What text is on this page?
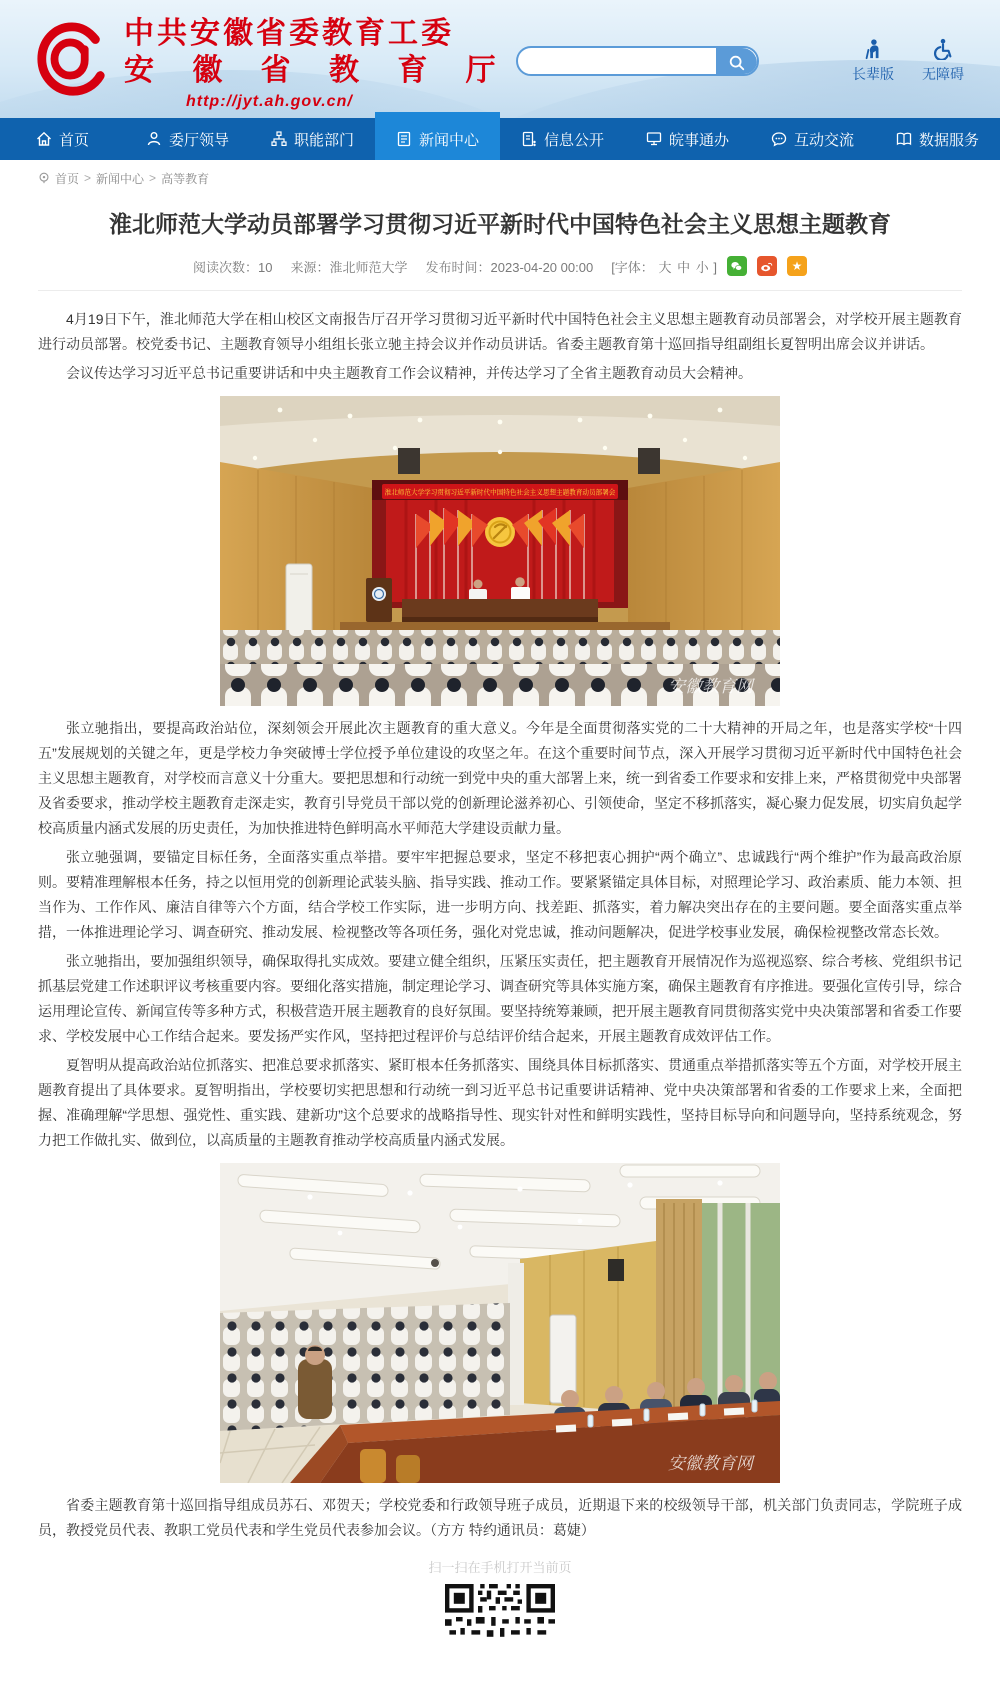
中共安徽省委教育工委
安 徽 省 教 育 厅
http://jyt.ah.gov.cn/
长辈版 无障碍
首页	委厅领导	职能部门	新闻中心	信息公开	皖事通办	互动交流	数据服务
首页 > 新闻中心 > 高等教育
淮北师范大学动员部署学习贯彻习近平新时代中国特色社会主义思想主题教育
阅读次数：10 来源：淮北师范大学 发布时间：2023-04-20 00:00 [字体： 大 中 小 ]	★

4月19日下午，淮北师范大学在相山校区文南报告厅召开学习贯彻习近平新时代中国特色社会主义思想主题教育动员部署会，对学校开展主题教育进行动员部署。校党委书记、主题教育领导小组组长张立驰主持会议并作动员讲话。省委主题教育第十巡回指导组副组长夏智明出席会议并讲话。

会议传达学习习近平总书记重要讲话和中央主题教育工作会议精神，并传达学习了全省主题教育动员大会精神。

淮北师范大学学习贯彻习近平新时代中国特色社会主义思想主题教育动员部署会
安徽教育网

张立驰指出，要提高政治站位，深刻领会开展此次主题教育的重大意义。今年是全面贯彻落实党的二十大精神的开局之年，也是落实学校“十四五”发展规划的关键之年，更是学校力争突破博士学位授予单位建设的攻坚之年。在这个重要时间节点，深入开展学习贯彻习近平新时代中国特色社会主义思想主题教育，对学校而言意义十分重大。要把思想和行动统一到党中央的重大部署上来，统一到省委工作要求和安排上来，严格贯彻党中央部署及省委要求，推动学校主题教育走深走实，教育引导党员干部以党的创新理论滋养初心、引领使命，坚定不移抓落实，凝心聚力促发展，切实肩负起学校高质量内涵式发展的历史责任，为加快推进特色鲜明高水平师范大学建设贡献力量。

张立驰强调，要锚定目标任务，全面落实重点举措。要牢牢把握总要求，坚定不移把衷心拥护“两个确立”、忠诚践行“两个维护”作为最高政治原则。要精准理解根本任务，持之以恒用党的创新理论武装头脑、指导实践、推动工作。要紧紧锚定具体目标，对照理论学习、政治素质、能力本领、担当作为、工作作风、廉洁自律等六个方面，结合学校工作实际，进一步明方向、找差距、抓落实，着力解决突出存在的主要问题。要全面落实重点举措，一体推进理论学习、调查研究、推动发展、检视整改等各项任务，强化对党忠诚，推动问题解决，促进学校事业发展，确保检视整改常态长效。

张立驰指出，要加强组织领导，确保取得扎实成效。要建立健全组织，压紧压实责任，把主题教育开展情况作为巡视巡察、综合考核、党组织书记抓基层党建工作述职评议考核重要内容。要细化落实措施，制定理论学习、调查研究等具体实施方案，确保主题教育有序推进。要强化宣传引导，综合运用理论宣传、新闻宣传等多种方式，积极营造开展主题教育的良好氛围。要坚持统筹兼顾，把开展主题教育同贯彻落实党中央决策部署和省委工作要求、学校发展中心工作结合起来。要发扬严实作风，坚持把过程评价与总结评价结合起来，开展主题教育成效评估工作。

夏智明从提高政治站位抓落实、把准总要求抓落实、紧盯根本任务抓落实、围绕具体目标抓落实、贯通重点举措抓落实等五个方面，对学校开展主题教育提出了具体要求。夏智明指出，学校要切实把思想和行动统一到习近平总书记重要讲话精神、党中央决策部署和省委的工作要求上来，全面把握、准确理解“学思想、强党性、重实践、建新功”这个总要求的战略指导性、现实针对性和鲜明实践性，坚持目标导向和问题导向，坚持系统观念，努力把工作做扎实、做到位，以高质量的主题教育推动学校高质量内涵式发展。

安徽教育网

省委主题教育第十巡回指导组成员苏石、邓贺天；学校党委和行政领导班子成员，近期退下来的校级领导干部，机关部门负责同志，学院班子成员，教授党员代表、教职工党员代表和学生党员代表参加会议。（方方 特约通讯员：葛婕）

扫一扫在手机打开当前页
